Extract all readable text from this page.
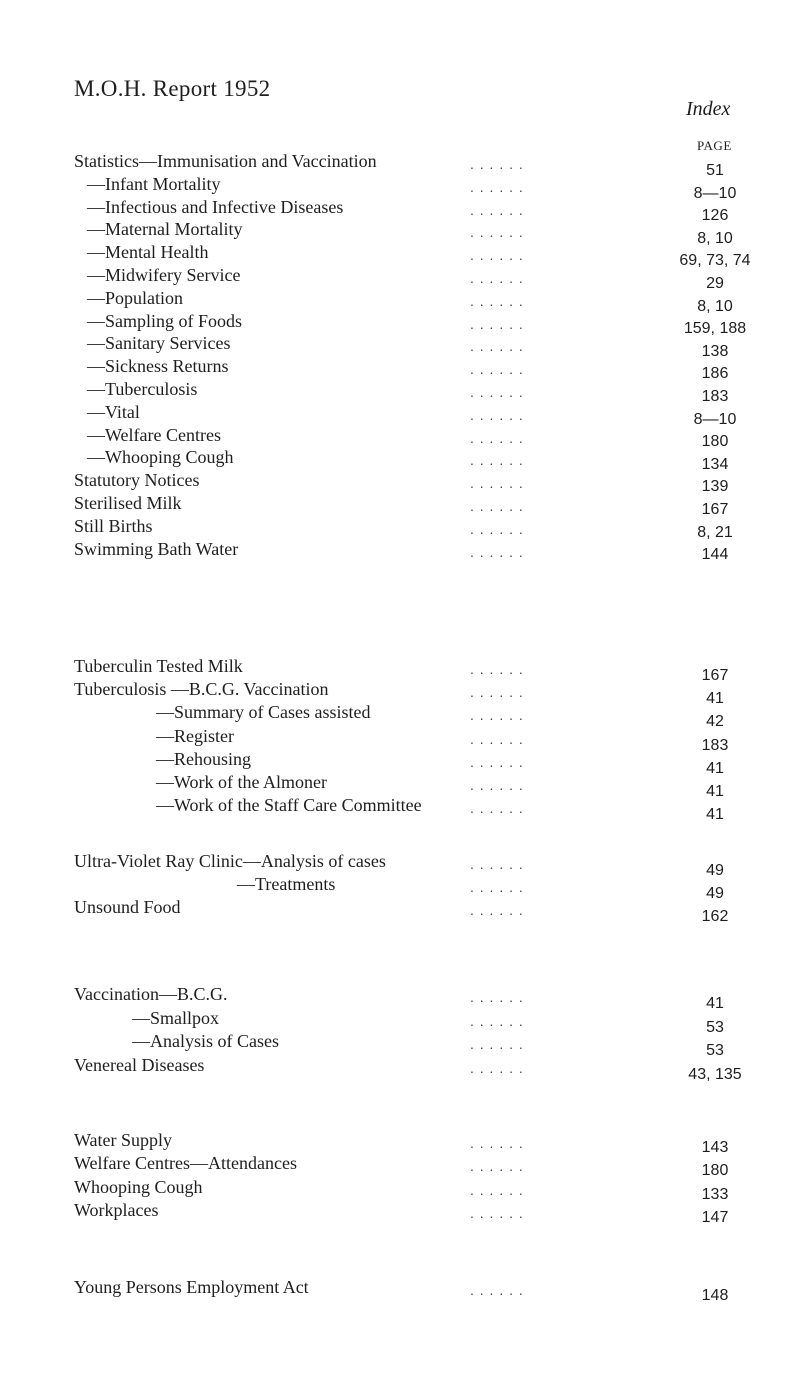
M.O.H. Report 1952
Index
PAGE
Statistics—Immunisation and Vaccination	51
. . . . . .
—Infant Mortality	8—10
. . . . . .
—Infectious and Infective Diseases	126
. . . . . .
—Maternal Mortality	8, 10
. . . . . .
—Mental Health	69, 73, 74
. . . . . .
—Midwifery Service	29
. . . . . .
—Population	8, 10
. . . . . .
—Sampling of Foods	159, 188
. . . . . .
—Sanitary Services	138
. . . . . .
—Sickness Returns	186
. . . . . .
—Tuberculosis	183
. . . . . .
—Vital	8—10
. . . . . .
—Welfare Centres	180
. . . . . .
—Whooping Cough	134
. . . . . .
Statutory Notices	139
. . . . . .
Sterilised Milk	167
. . . . . .
Still Births	8, 21
. . . . . .
Swimming Bath Water	144
. . . . . .
Tuberculin Tested Milk	167
. . . . . .
Tuberculosis —B.C.G. Vaccination	41
. . . . . .
—Summary of Cases assisted	42
. . . . . .
—Register	183
. . . . . .
—Rehousing	41
. . . . . .
—Work of the Almoner	41
. . . . . .
—Work of the Staff Care Committee	41
. . . . . .
Ultra-Violet Ray Clinic—Analysis of cases	49
. . . . . .
—Treatments	49
. . . . . .
Unsound Food	162
. . . . . .
Vaccination—B.C.G.	41
. . . . . .
—Smallpox	53
. . . . . .
—Analysis of Cases	53
. . . . . .
Venereal Diseases	43, 135
. . . . . .
Water Supply	143
. . . . . .
Welfare Centres—Attendances	180
. . . . . .
Whooping Cough	133
. . . . . .
Workplaces	147
. . . . . .
Young Persons Employment Act	148
. . . . . .
